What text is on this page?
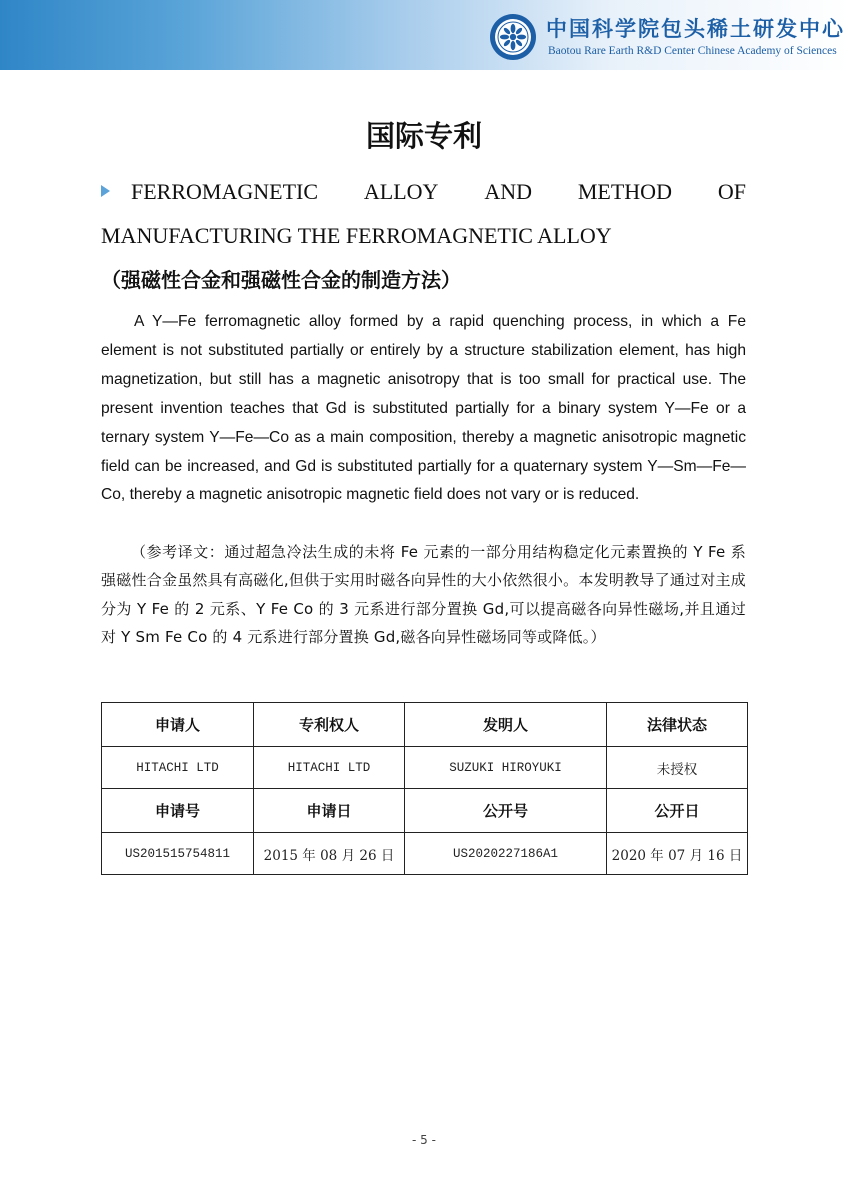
中国科学院包头稀土研发中心
Baotou Rare Earth R&D Center Chinese Academy of Sciences
国际专利
FERROMAGNETIC ALLOY AND METHOD OF
MANUFACTURING THE FERROMAGNETIC ALLOY
（强磁性合金和强磁性合金的制造方法）

A Y—Fe ferromagnetic alloy formed by a rapid quenching process, in which a Fe element is not substituted partially or entirely by a structure stabilization element, has high magnetization, but still has a magnetic anisotropy that is too small for practical use. The present invention teaches that Gd is substituted partially for a binary system Y—Fe or a ternary system Y—Fe—Co as a main composition, thereby a magnetic anisotropic magnetic field can be increased, and Gd is substituted partially for a quaternary system Y—Sm—Fe—Co, thereby a magnetic anisotropic magnetic field does not vary or is reduced.

（参考译文：通过超急冷法生成的未将 Fe 元素的一部分用结构稳定化元素置换的 Y Fe 系强磁性合金虽然具有高磁化,但供于实用时磁各向异性的大小依然很小。本发明教导了通过对主成分为 Y Fe 的 2 元系、Y Fe Co 的 3 元系进行部分置换 Gd,可以提高磁各向异性磁场,并且通过对 Y Sm Fe Co 的 4 元系进行部分置换 Gd,磁各向异性磁场同等或降低。）

申请人	专利权人	发明人	法律状态
HITACHI LTD	HITACHI LTD	SUZUKI HIROYUKI	未授权
申请号	申请日	公开号	公开日
US201515754811	2015 年 08 月 26 日	US2020227186A1	2020 年 07 月 16 日
- 5 -
